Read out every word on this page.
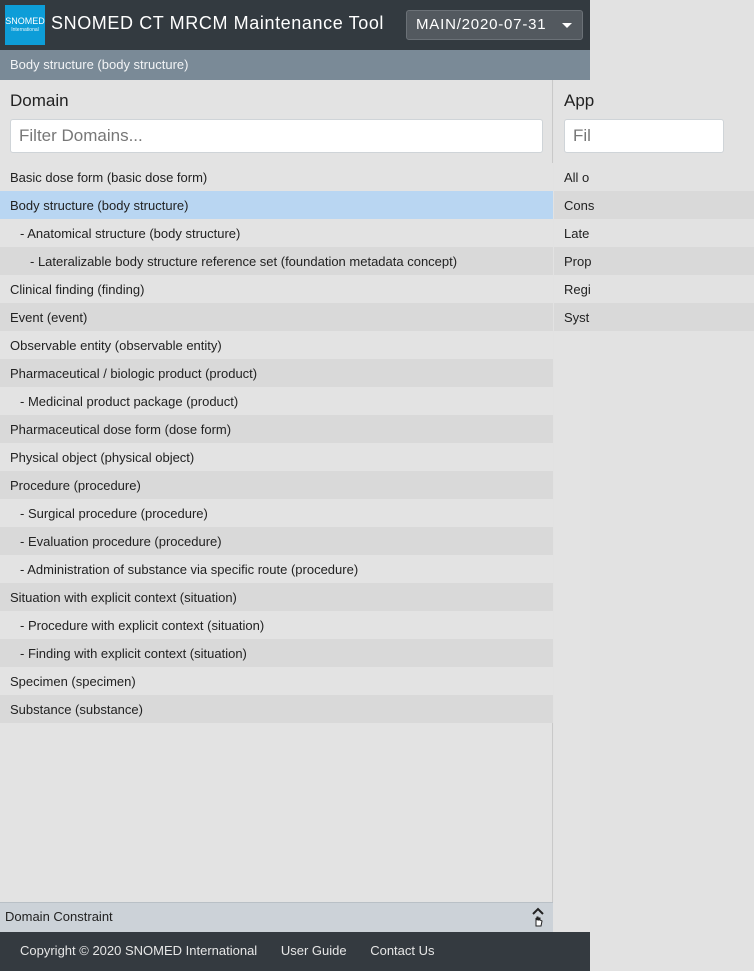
SNOMED
International SNOMED CT MRCM Maintenance Tool	MAIN/2020-07-31
Body structure (body structure)
Domain
Filter Domains...
Basic dose form (basic dose form)
Body structure (body structure)
- Anatomical structure (body structure)
- Lateralizable body structure reference set (foundation metadata concept)
Clinical finding (finding)
Event (event)
Observable entity (observable entity)
Pharmaceutical / biologic product (product)
- Medicinal product package (product)
Pharmaceutical dose form (dose form)
Physical object (physical object)
Procedure (procedure)
- Surgical procedure (procedure)
- Evaluation procedure (procedure)
- Administration of substance via specific route (procedure)
Situation with explicit context (situation)
- Procedure with explicit context (situation)
- Finding with explicit context (situation)
Specimen (specimen)
Substance (substance)
App
Fil
All o
Cons
Late
Prop
Regi
Syst
Domain Constraint
Copyright © 2020 SNOMED International User Guide Contact Us
